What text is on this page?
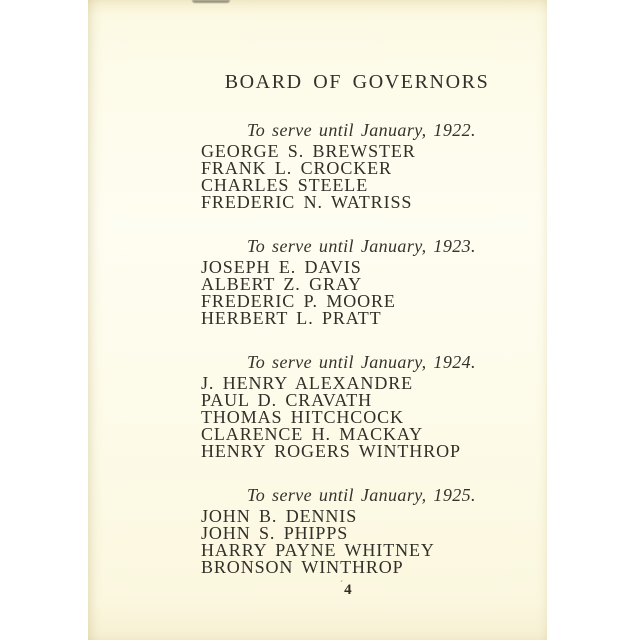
BOARD OF GOVERNORS

To serve until January, 1922.

GEORGE S. BREWSTER
FRANK L. CROCKER
CHARLES STEELE
FREDERIC N. WATRISS

To serve until January, 1923.

JOSEPH E. DAVIS
ALBERT Z. GRAY
FREDERIC P. MOORE
HERBERT L. PRATT

To serve until January, 1924.

J. HENRY ALEXANDRE
PAUL D. CRAVATH
THOMAS HITCHCOCK
CLARENCE H. MACKAY
HENRY ROGERS WINTHROP

To serve until January, 1925.

JOHN B. DENNIS
JOHN S. PHIPPS
HARRY PAYNE WHITNEY
BRONSON WINTHROP
$^ˊ$4
